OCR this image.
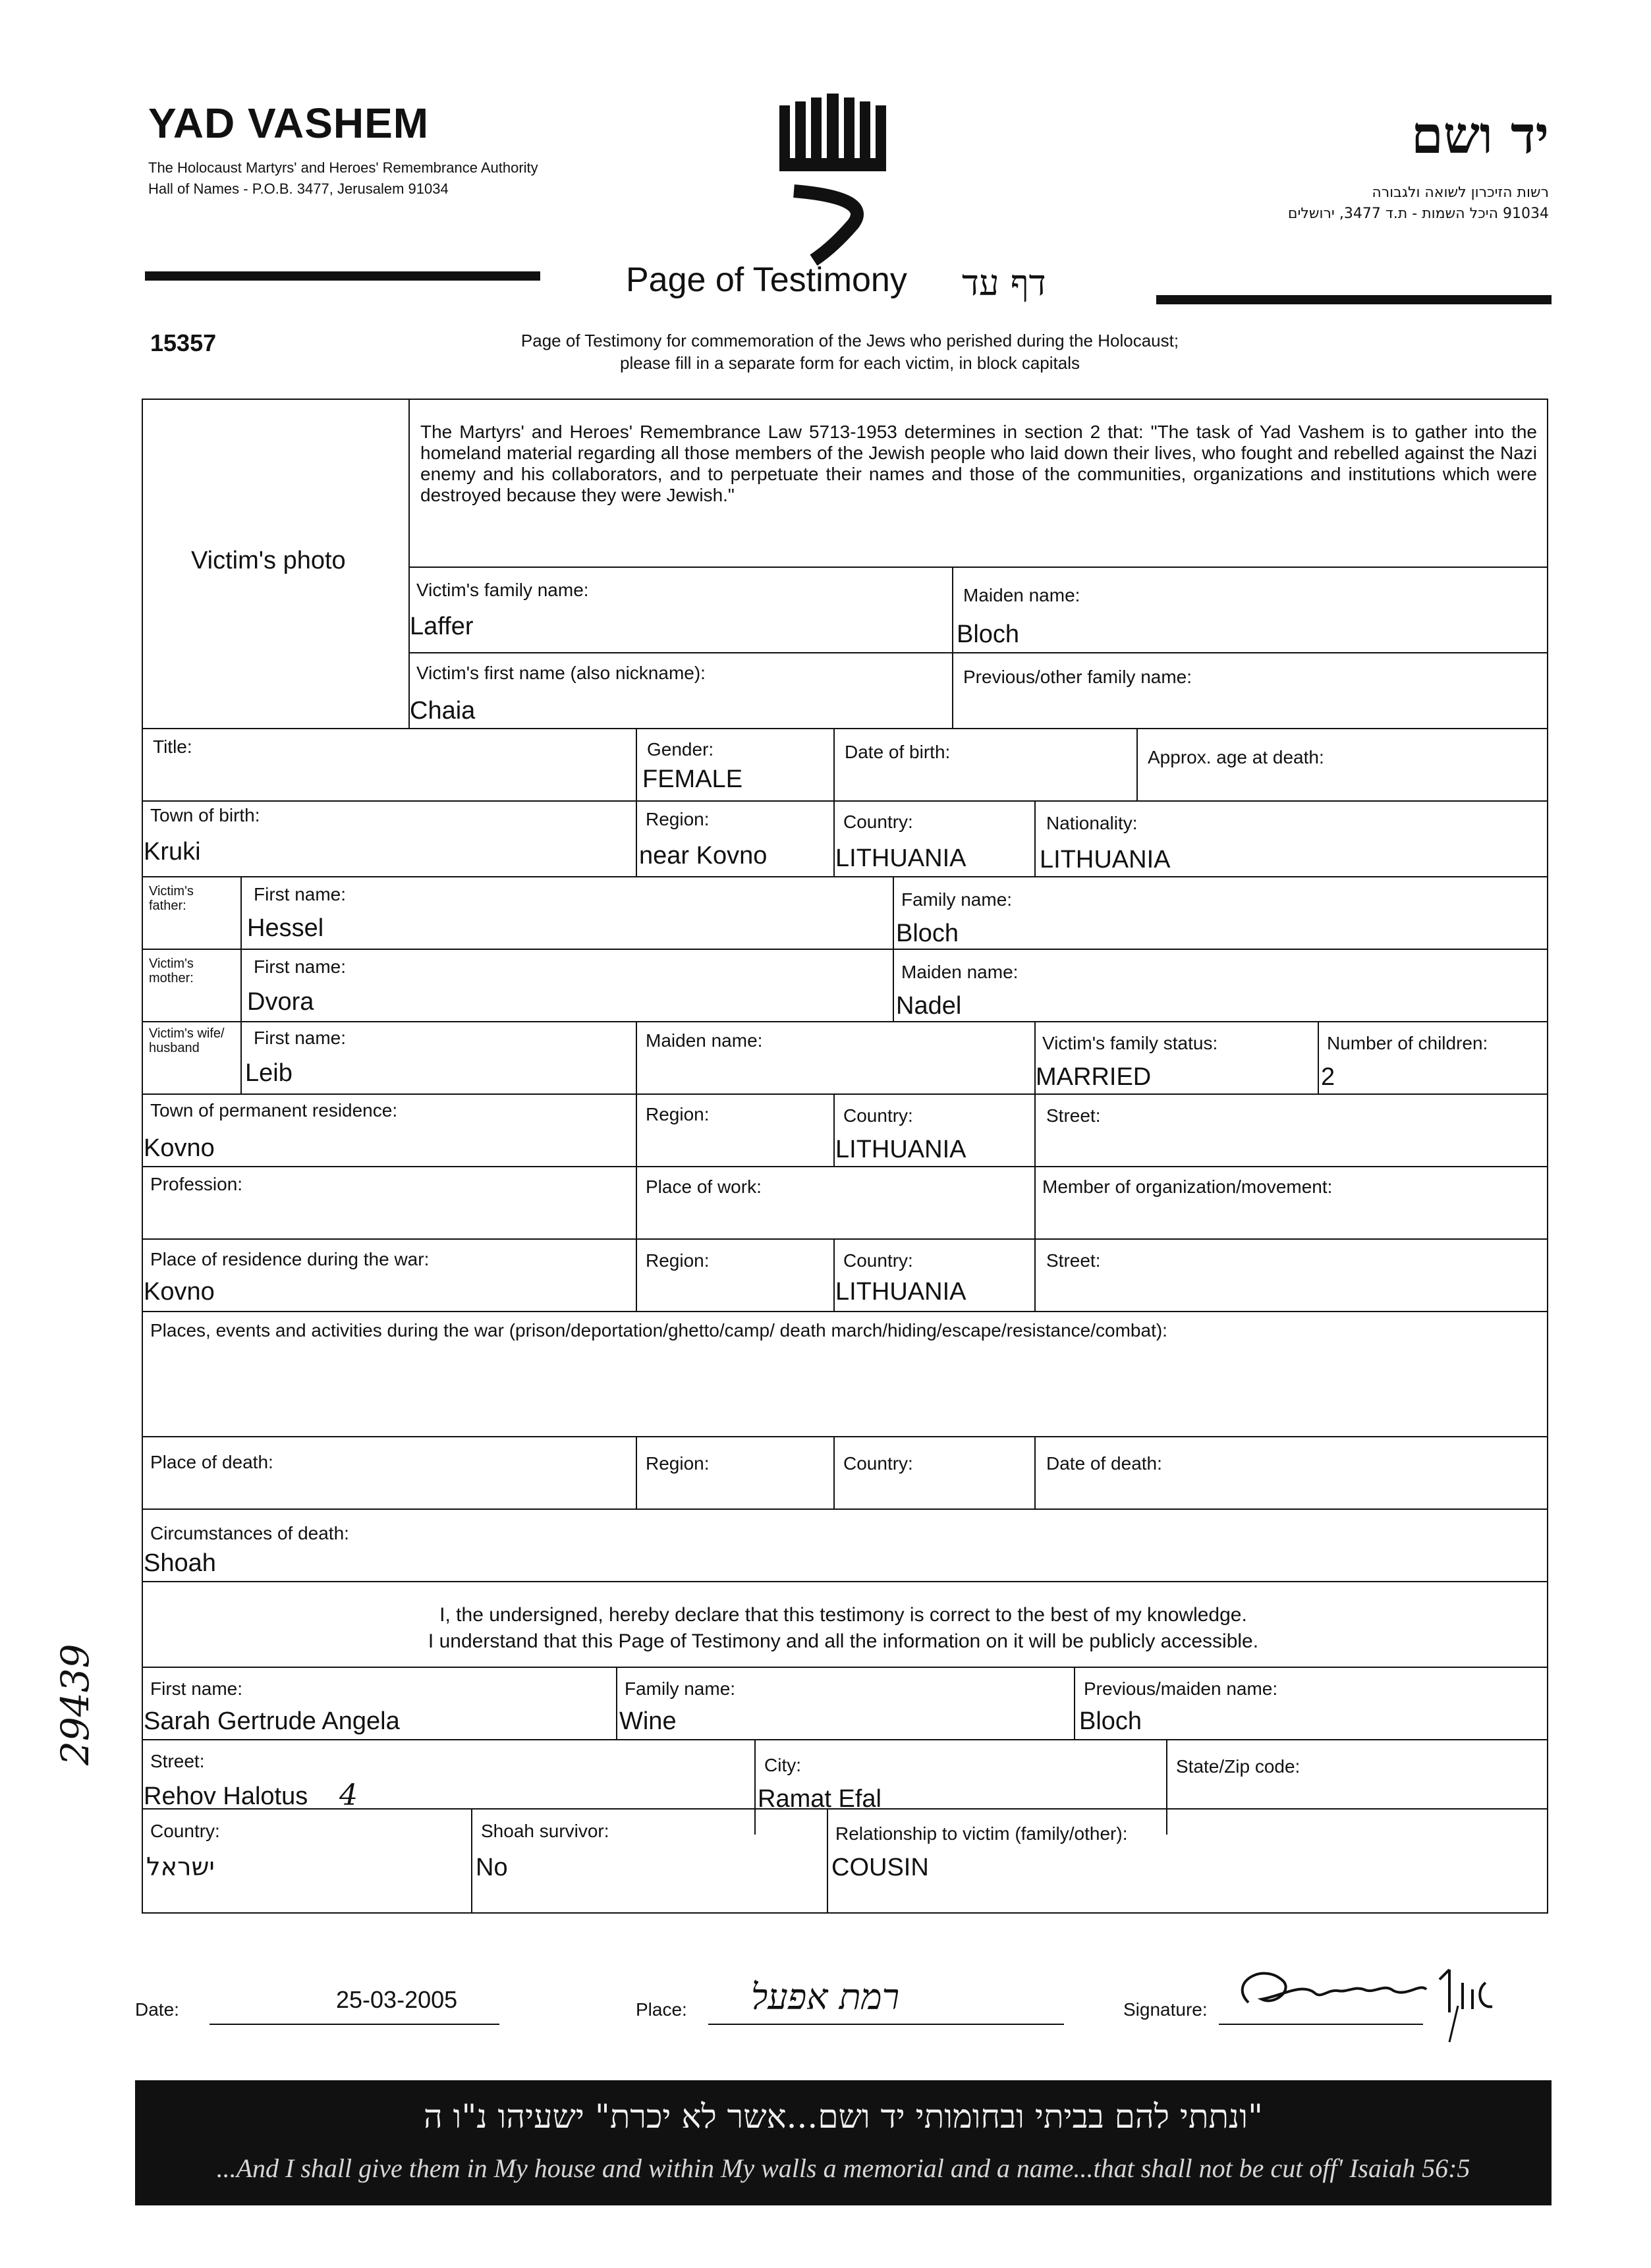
YAD VASHEM
The Holocaust Martyrs' and Heroes' Remembrance Authority
Hall of Names - P.O.B. 3477, Jerusalem 91034
יד ושם
רשות הזיכרון לשואה ולגבורה
91034 היכל השמות - ת.ד 3477, ירושלים
Page of Testimony דף עד
15357	Page of Testimony for commemoration of the Jews who perished during the Holocaust;
please fill in a separate form for each victim, in block capitals
Victim's photo
The Martyrs' and Heroes' Remembrance Law 5713-1953 determines in section 2 that: "The task of Yad Vashem is to gather into the homeland material regarding all those members of the Jewish people who laid down their lives, who fought and rebelled against the Nazi enemy and his collaborators, and to perpetuate their names and those of the communities, organizations and institutions which were destroyed because they were Jewish."
Victim's family name:
Laffer
Maiden name:
Bloch
Victim's first name (also nickname):
Chaia
Previous/other family name:
Title:	Gender:
FEMALE
Date of birth:	Approx. age at death:
Town of birth:
Kruki
Region:
near Kovno
Country:
LITHUANIA
Nationality:
LITHUANIA
Victim's father:
First name:
Hessel
Family name:
Bloch
Victim's mother:
First name:
Dvora
Maiden name:
Nadel
Victim's wife/ husband	First name:
Leib
Maiden name:	Victim's family status:
MARRIED
Number of children:
2
Town of permanent residence:
Kovno
Region:	Country:
LITHUANIA
Street:
Profession:	Place of work:	Member of organization/movement:
Place of residence during the war:
Kovno
Region:	Country:
LITHUANIA
Street:
Places, events and activities during the war (prison/deportation/ghetto/camp/ death march/hiding/escape/resistance/combat):
Place of death:	Region:	Country:	Date of death:
Circumstances of death:
Shoah
I, the undersigned, hereby declare that this testimony is correct to the best of my knowledge.
I understand that this Page of Testimony and all the information on it will be publicly accessible.
First name:
Sarah Gertrude Angela
Family name:
Wine
Previous/maiden name:
Bloch
Street:
Rehov Halotus 4
City:
Ramat Efal
State/Zip code:
Country:
ישראל
Shoah survivor:
No
Relationship to victim (family/other):
COUSIN
29439
Date:	25-03-2005	Place: רמת אפעל	Signature:
"ונתתי להם בביתי ובחומותי יד ושם...אשר לא יכרת" ישעיהו נ"ו ה
...And I shall give them in My house and within My walls a memorial and a name...that shall not be cut off' Isaiah 56:5
